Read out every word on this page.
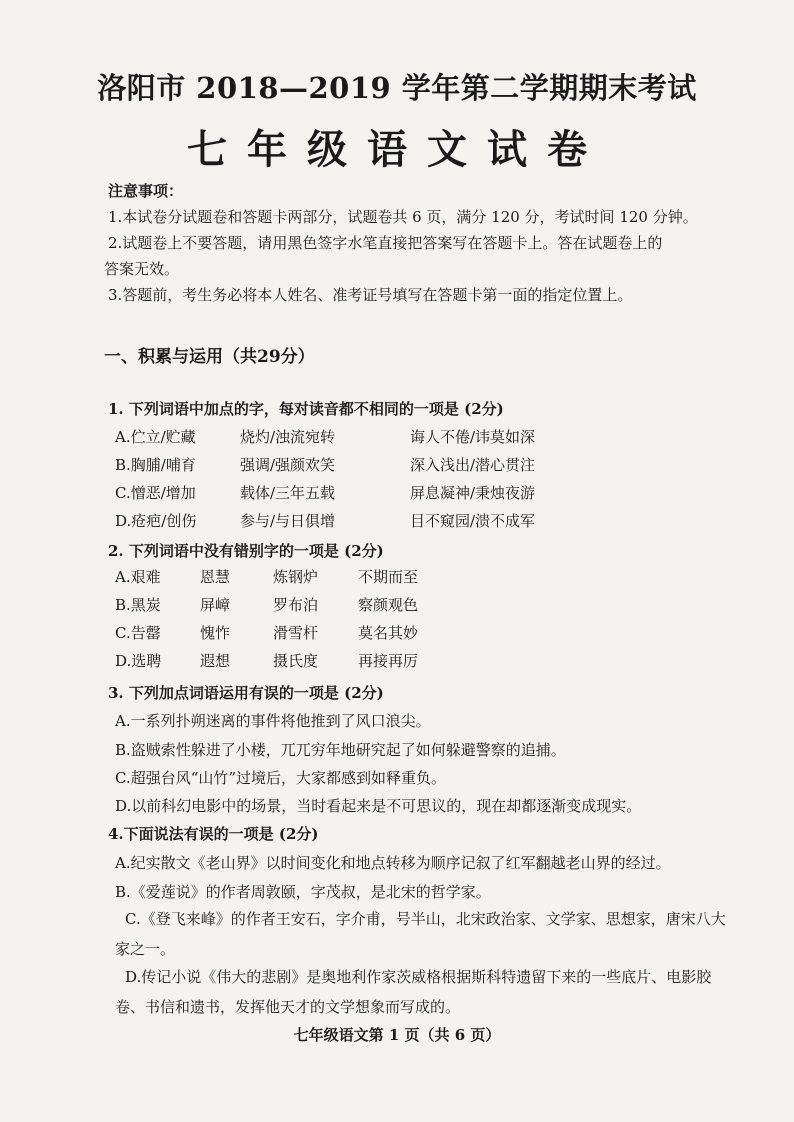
洛阳市 2018—2019 学年第二学期期末考试
七年级语文试卷

注意事项：

1.本试卷分试题卷和答题卡两部分，试题卷共 6 页，满分 120 分，考试时间 120 分钟。

2.试题卷上不要答题，请用黑色签字水笔直接把答案写在答题卡上。答在试题卷上的

答案无效。

3.答题前，考生务必将本人姓名、准考证号填写在答题卡第一面的指定位置上。

一、积累与运用（共29分）
1. 下列词语中加点的字，每对读音都不相同的一项是 (2分)
A.伫立/贮藏	烧灼/浊流宛转	诲人不倦/讳莫如深
B.胸脯/哺育	强调/强颜欢笑	深入浅出/潜心贯注
C.憎恶/增加	载体/三年五载	屏息凝神/秉烛夜游
D.疮疤/创伤	参与/与日俱增	目不窥园/溃不成军
2. 下列词语中没有错别字的一项是 (2分)
A.艰难	恩慧	炼钢炉	不期而至
B.黑炭	屏嶂	罗布泊	察颜观色
C.告罄	愧怍	滑雪杆	莫名其妙
D.选聘	遐想	摄氏度	再接再厉
3. 下列加点词语运用有误的一项是 (2分)
A.一系列扑朔迷离的事件将他推到了风口浪尖。
B.盗贼索性躲进了小楼，兀兀穷年地研究起了如何躲避警察的追捕。
C.超强台风“山竹”过境后，大家都感到如释重负。
D.以前科幻电影中的场景，当时看起来是不可思议的，现在却都逐渐变成现实。
4.下面说法有误的一项是 (2分)
A.纪实散文《老山界》以时间变化和地点转移为顺序记叙了红军翻越老山界的经过。
B.《爱莲说》的作者周敦颐，字茂叔，是北宋的哲学家。
C.《登飞来峰》的作者王安石，字介甫，号半山，北宋政治家、文学家、思想家，唐宋八大家之一。
D.传记小说《伟大的悲剧》是奥地利作家茨威格根据斯科特遗留下来的一些底片、电影胶卷、书信和遗书，发挥他天才的文学想象而写成的。
七年级语文第 1 页（共 6 页）
